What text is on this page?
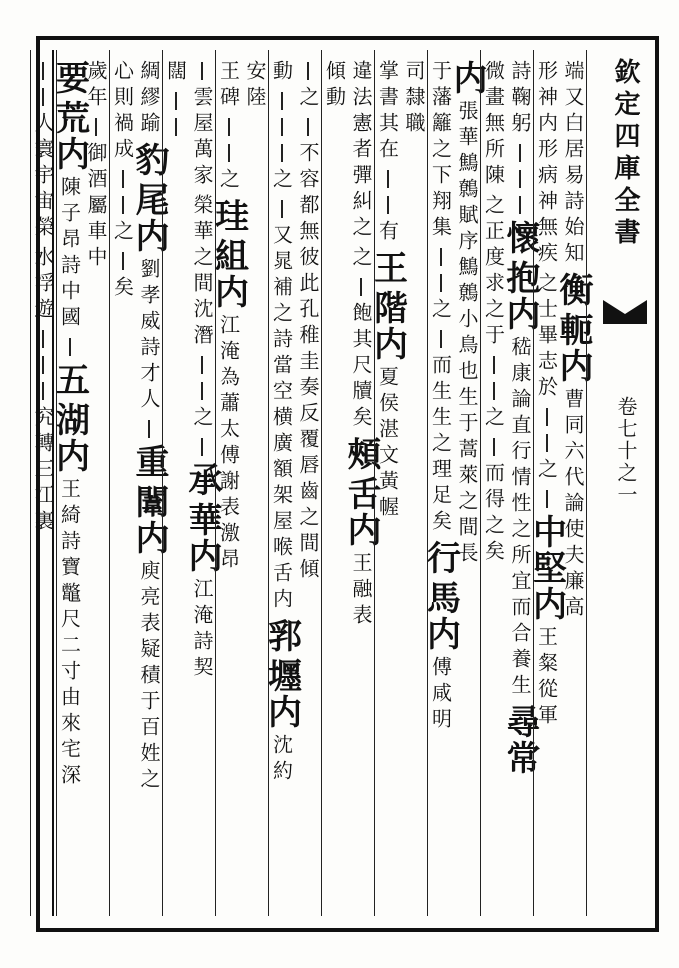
欽定四庫全書
卷七十之一
端又白居易詩始知
衡
軛内
曹同六代論使夫廉高
形神内形病神無疾
之士畢志於
之
中堅内
王粲從軍
詩鞠躬
懷
抱内
嵇康論直行情性之所宜而合養生
尋常
微畫無所陳
之正度求之于
之
而得之矣
内
張華鷦鷯賦序鷦鷯小鳥也生于蒿萊之間長
于藩籬之下翔集
之
而生生之理足矣
行
馬内
傅咸明
司隸職
掌書其在
有
王
階内
夏侯湛文黃幄
違法憲者彈糾之
之
飽其尺牘矣
頰
舌内
王融表
傾動
之
不容都無彼此孔稚圭奏反覆唇齒之間傾
動
之
又晁補之詩當空横廣額架屋喉舌内
郛
壥内
沈約
安陸
王碑
之
珪
組内
江淹為蕭太傅謝表激昂
雲屋萬家
榮華之間沈潛
之
承
華内
江淹詩契
闊
綢繆踰
豹
尾内
劉孝威詩才人
重
闈内
庾亮表疑積于百姓之
心則禍成
之
矣
歲年
御酒屬車中
要
荒内
陳子昂詩中國
五
湖内
王綺詩寶鼈尺二寸由來宅深
人寰宇宙榮
水浮遊
究轉三江裏
